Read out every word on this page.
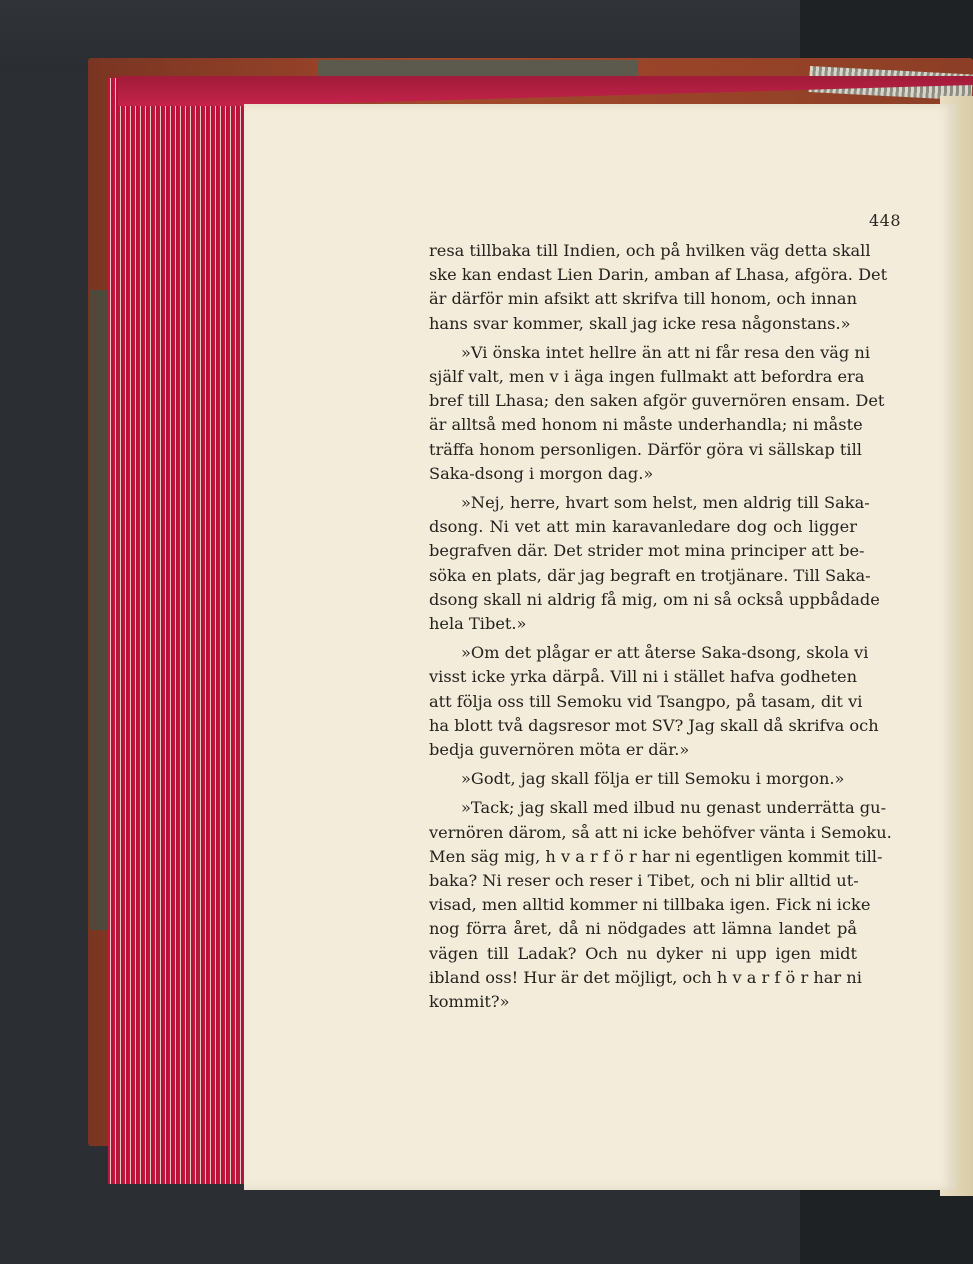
448
resa tillbaka till Indien, och på hvilken väg detta skall
ske kan endast Lien Darin, amban af Lhasa, afgöra. Det
är därför min afsikt att skrifva till honom, och innan
hans svar kommer, skall jag icke resa någonstans.»
»Vi önska intet hellre än att ni får resa den väg ni
själf valt, men v i äga ingen fullmakt att befordra era
bref till Lhasa; den saken afgör guvernören ensam. Det
är alltså med honom ni måste underhandla; ni måste
träffa honom personligen. Därför göra vi sällskap till
Saka-dsong i morgon dag.»
»Nej, herre, hvart som helst, men aldrig till Saka-
dsong. Ni vet att min karavanledare dog och ligger
begrafven där. Det strider mot mina principer att be-
söka en plats, där jag begraft en trotjänare. Till Saka-
dsong skall ni aldrig få mig, om ni så också uppbådade
hela Tibet.»
»Om det plågar er att återse Saka-dsong, skola vi
visst icke yrka därpå. Vill ni i stället hafva godheten
att följa oss till Semoku vid Tsangpo, på tasam, dit vi
ha blott två dagsresor mot SV? Jag skall då skrifva och
bedja guvernören möta er där.»
»Godt, jag skall följa er till Semoku i morgon.»
»Tack; jag skall med ilbud nu genast underrätta gu-
vernören därom, så att ni icke behöfver vänta i Semoku.
Men säg mig, h v a r f ö r har ni egentligen kommit till-
baka? Ni reser och reser i Tibet, och ni blir alltid ut-
visad, men alltid kommer ni tillbaka igen. Fick ni icke
nog förra året, då ni nödgades att lämna landet på
vägen till Ladak? Och nu dyker ni upp igen midt
ibland oss! Hur är det möjligt, och h v a r f ö r har ni
kommit?»
